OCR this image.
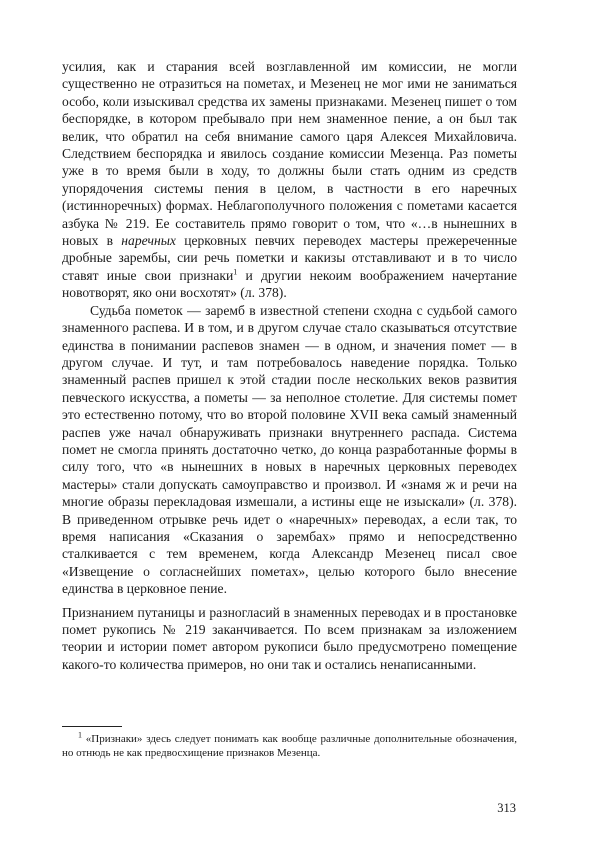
усилия, как и старания всей возглавленной им комиссии, не могли существенно не отразиться на пометах, и Мезенец не мог ими не заниматься особо, коли изыскивал средства их замены признаками. Мезенец пишет о том беспорядке, в котором пребывало при нем знаменное пение, а он был так велик, что обратил на себя внимание самого царя Алексея Михайловича. Следствием беспорядка и явилось создание комиссии Мезенца. Раз пометы уже в то время были в ходу, то должны были стать одним из средств упорядочения системы пения в целом, в частности в его наречных (истинноречных) формах. Неблагополучного положения с пометами касается азбука № 219. Ее составитель прямо говорит о том, что «…в нынешних в новых в наречных церковных певчих переводех мастеры прежереченные дробные зарембы, сии речь пометки и какизы отставливают и в то число ставят иные свои признаки$^1$ и другии некоим воображением начертание новотворят, яко они восхотят» (л. 378).

Судьба пометок — заремб в известной степени сходна с судьбой самого знаменного распева. И в том, и в другом случае стало сказываться отсутствие единства в понимании распевов знамен — в одном, и значения помет — в другом случае. И тут, и там потребовалось наведение порядка. Только знаменный распев пришел к этой стадии после нескольких веков развития певческого искусства, а пометы — за неполное столетие. Для системы помет это естественно потому, что во второй половине XVII века самый знаменный распев уже начал обнаруживать признаки внутреннего распада. Система помет не смогла принять достаточно четко, до конца разработанные формы в силу того, что «в нынешних в новых в наречных церковных переводех мастеры» стали допускать самоуправство и произвол. И «знамя ж и речи на многие образы перекладовая измешали, а истины еще не изыскали» (л. 378). В приведенном отрывке речь идет о «наречных» переводах, а если так, то время написания «Сказания о зарембах» прямо и непосредственно сталкивается с тем временем, когда Александр Мезенец писал свое «Извещение о согласнейших пометах», целью которого было внесение единства в церковное пение.

Признанием путаницы и разногласий в знаменных переводах и в простановке помет рукопись № 219 заканчивается. По всем признакам за изложением теории и истории помет автором рукописи было предусмотрено помещение какого-то количества примеров, но они так и остались ненаписанными.

$^1$ «Признаки» здесь следует понимать как вообще различные дополнительные обозначения, но отнюдь не как предвосхищение признаков Мезенца.

313
